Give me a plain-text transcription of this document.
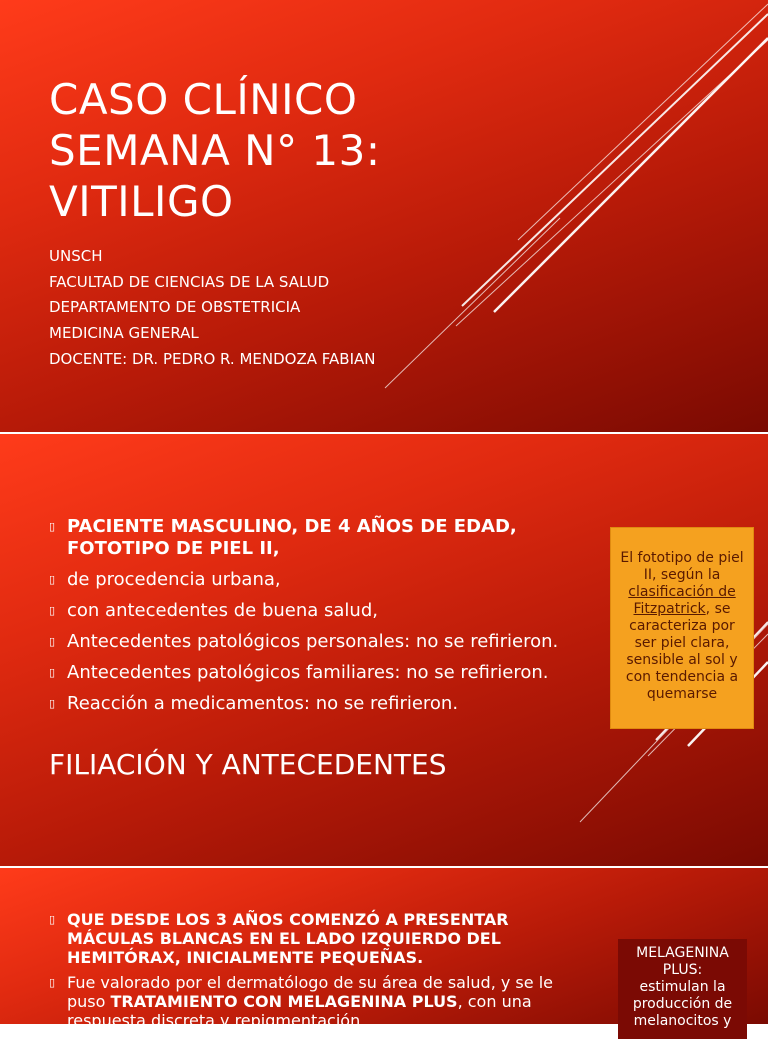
CASO CLÍNICO
SEMANA N° 13:
VITILIGO
UNSCH
FACULTAD DE CIENCIAS DE LA SALUD
DEPARTAMENTO DE OBSTETRICIA
MEDICINA GENERAL
DOCENTE: DR. PEDRO R. MENDOZA FABIAN
▯ PACIENTE MASCULINO, DE 4 AÑOS DE EDAD, FOTOTIPO DE PIEL II,
▯ de procedencia urbana,
▯ con antecedentes de buena salud,
▯ Antecedentes patológicos personales: no se refirieron.
▯ Antecedentes patológicos familiares: no se refirieron.
▯ Reacción a medicamentos: no se refirieron.
FILIACIÓN Y ANTECEDENTES
El fototipo de piel II, según la clasificación de Fitzpatrick, se caracteriza por ser piel clara, sensible al sol y con tendencia a quemarse
▯ QUE DESDE LOS 3 AÑOS COMENZÓ A PRESENTAR MÁCULAS BLANCAS EN EL LADO IZQUIERDO DEL HEMITÓRAX, INICIALMENTE PEQUEÑAS.
▯ Fue valorado por el dermatólogo de su área de salud, y se le puso TRATAMIENTO CON MELAGENINA PLUS, con una respuesta discreta y repigmentación
MELAGENINA PLUS:
estimulan la producción de melanocitos y
